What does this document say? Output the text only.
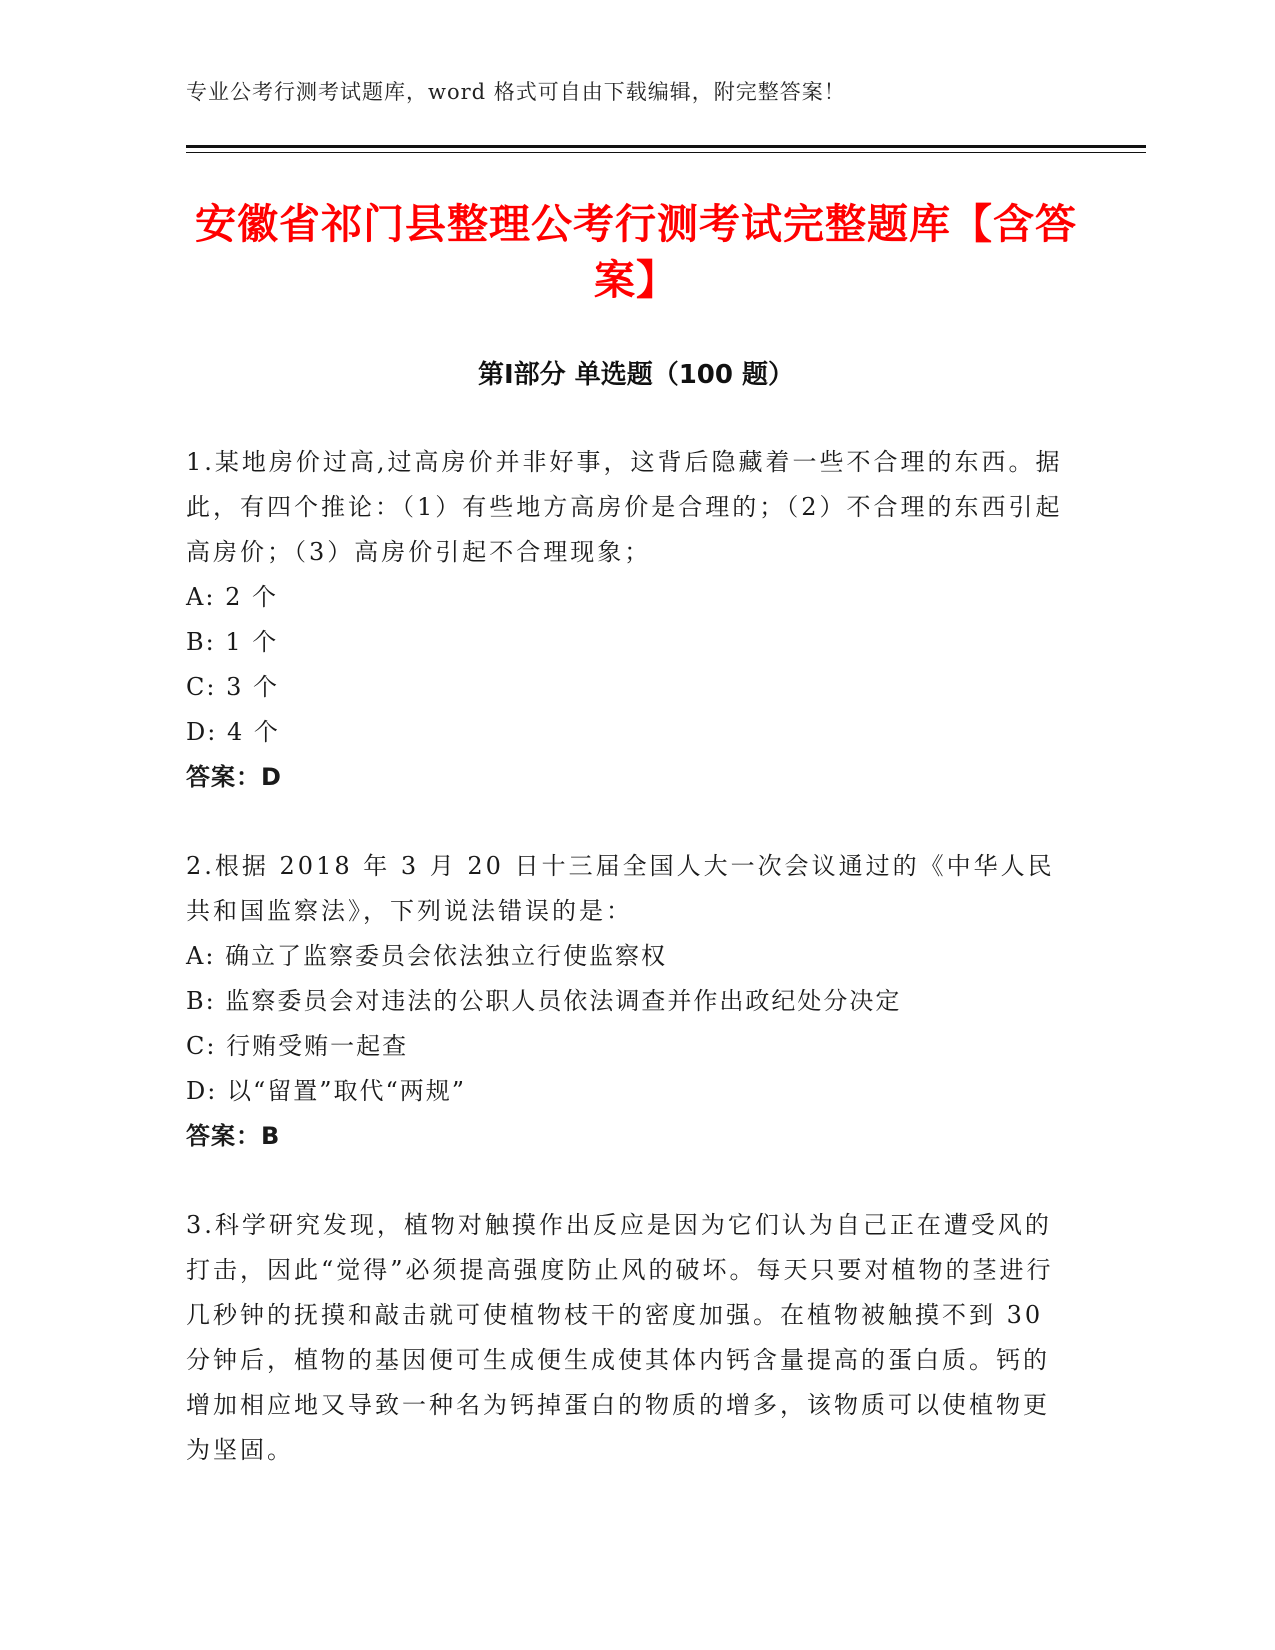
专业公考行测考试题库，word 格式可自由下载编辑，附完整答案！
安徽省祁门县整理公考行测考试完整题库【含答案】
第Ⅰ部分 单选题（100 题）
1.某地房价过高,过高房价并非好事，这背后隐藏着一些不合理的东西。据此，有四个推论：（1）有些地方高房价是合理的；（2）不合理的东西引起高房价；（3）高房价引起不合理现象；
A: 2 个
B: 1 个
C: 3 个
D: 4 个
答案：D
2.根据 2018 年 3 月 20 日十三届全国人大一次会议通过的《中华人民共和国监察法》，下列说法错误的是：
A: 确立了监察委员会依法独立行使监察权
B: 监察委员会对违法的公职人员依法调查并作出政纪处分决定
C: 行贿受贿一起查
D: 以“留置”取代“两规”
答案：B
3.科学研究发现，植物对触摸作出反应是因为它们认为自己正在遭受风的打击，因此“觉得”必须提高强度防止风的破坏。每天只要对植物的茎进行几秒钟的抚摸和敲击就可使植物枝干的密度加强。在植物被触摸不到 30 分钟后，植物的基因便可生成便生成使其体内钙含量提高的蛋白质。钙的增加相应地又导致一种名为钙掉蛋白的物质的增多，该物质可以使植物更为坚固。
